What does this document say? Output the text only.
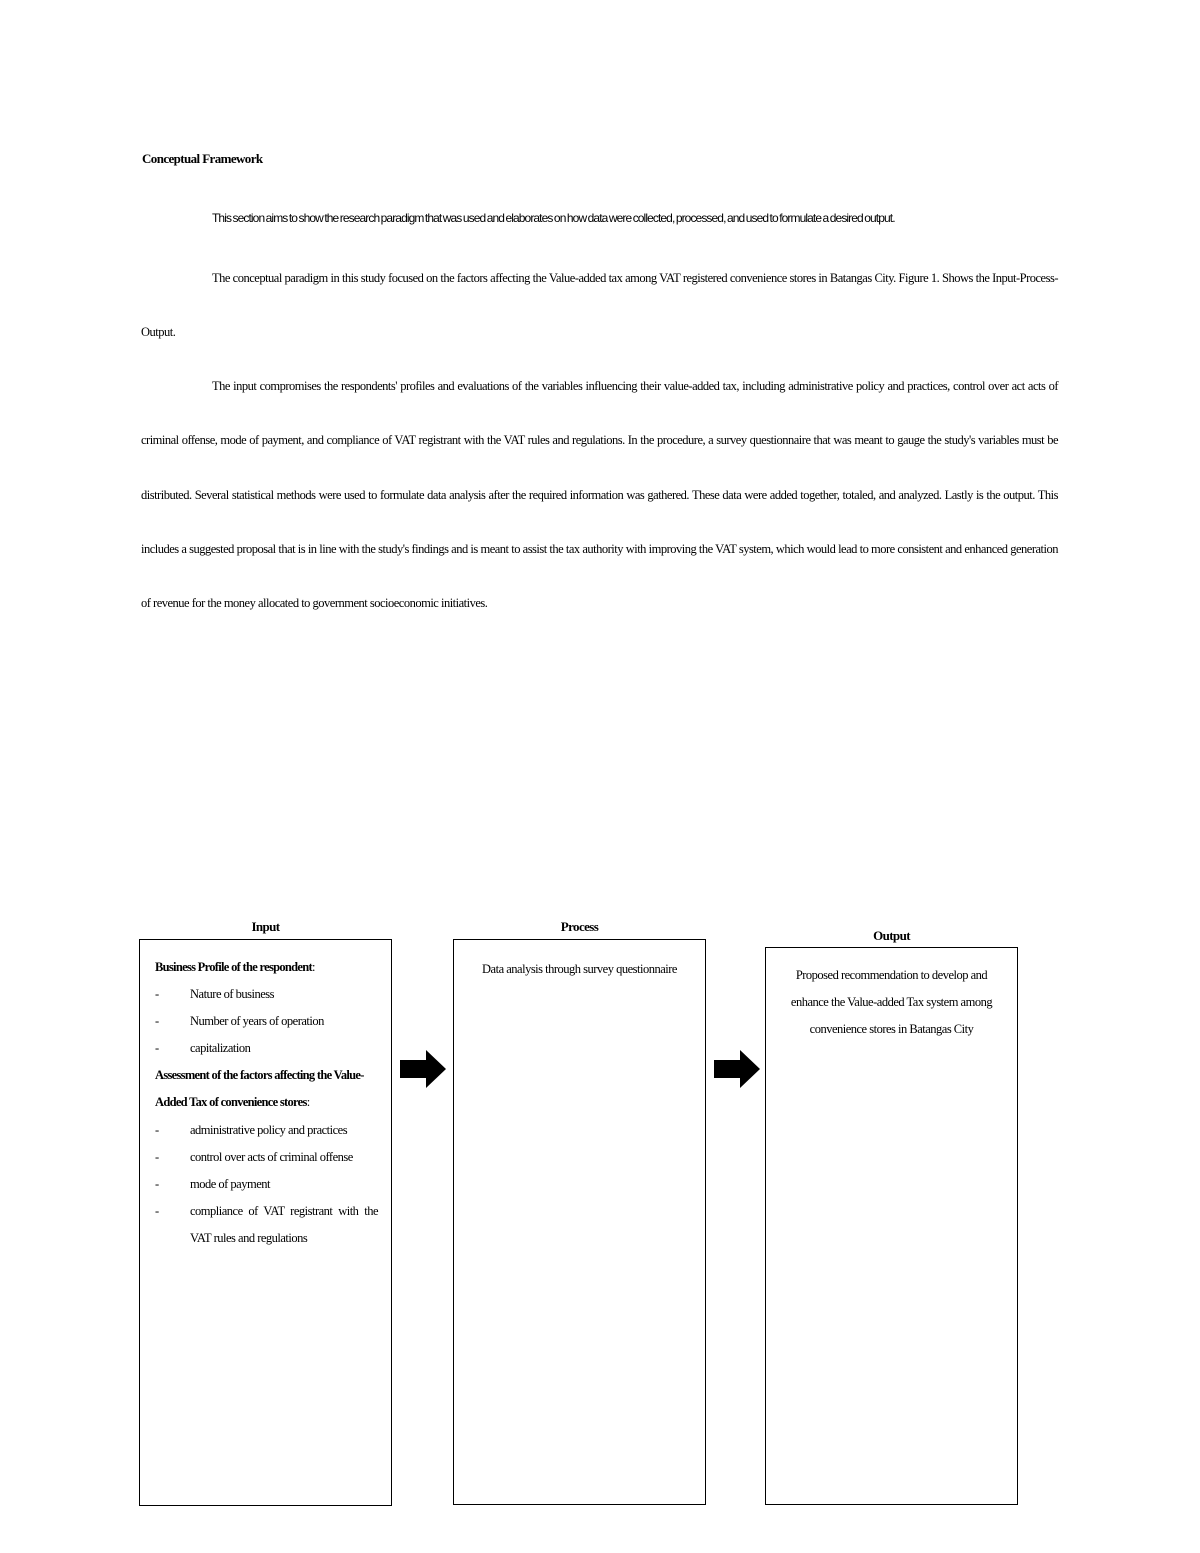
Conceptual Framework

This section aims to show the research paradigm that was used and elaborates on how data were collected, processed, and used to formulate a desired output.

The conceptual paradigm in this study focused on the factors affecting the Value-added tax among VAT registered convenience stores in Batangas City. Figure 1. Shows the Input-Process-Output.

The input compromises the respondents' profiles and evaluations of the variables influencing their value-added tax, including administrative policy and practices, control over act acts of criminal offense, mode of payment, and compliance of VAT registrant with the VAT rules and regulations. In the procedure, a survey questionnaire that was meant to gauge the study's variables must be distributed. Several statistical methods were used to formulate data analysis after the required information was gathered. These data were added together, totaled, and analyzed. Lastly is the output. This includes a suggested proposal that is in line with the study's findings and is meant to assist the tax authority with improving the VAT system, which would lead to more consistent and enhanced generation of revenue for the money allocated to government socioeconomic initiatives.

Input	Process
Output
Business Profile of the respondent:
-	Nature of business
-	Number of years of operation
-	capitalization
Assessment of the factors affecting the Value-Added Tax of convenience stores:
-	administrative policy and practices
-	control over acts of criminal offense
-	mode of payment
-	compliance of VAT registrant with the VAT rules and regulations
Data analysis through survey questionnaire	Proposed recommendation to develop and enhance the Value-added Tax system among convenience stores in Batangas City
